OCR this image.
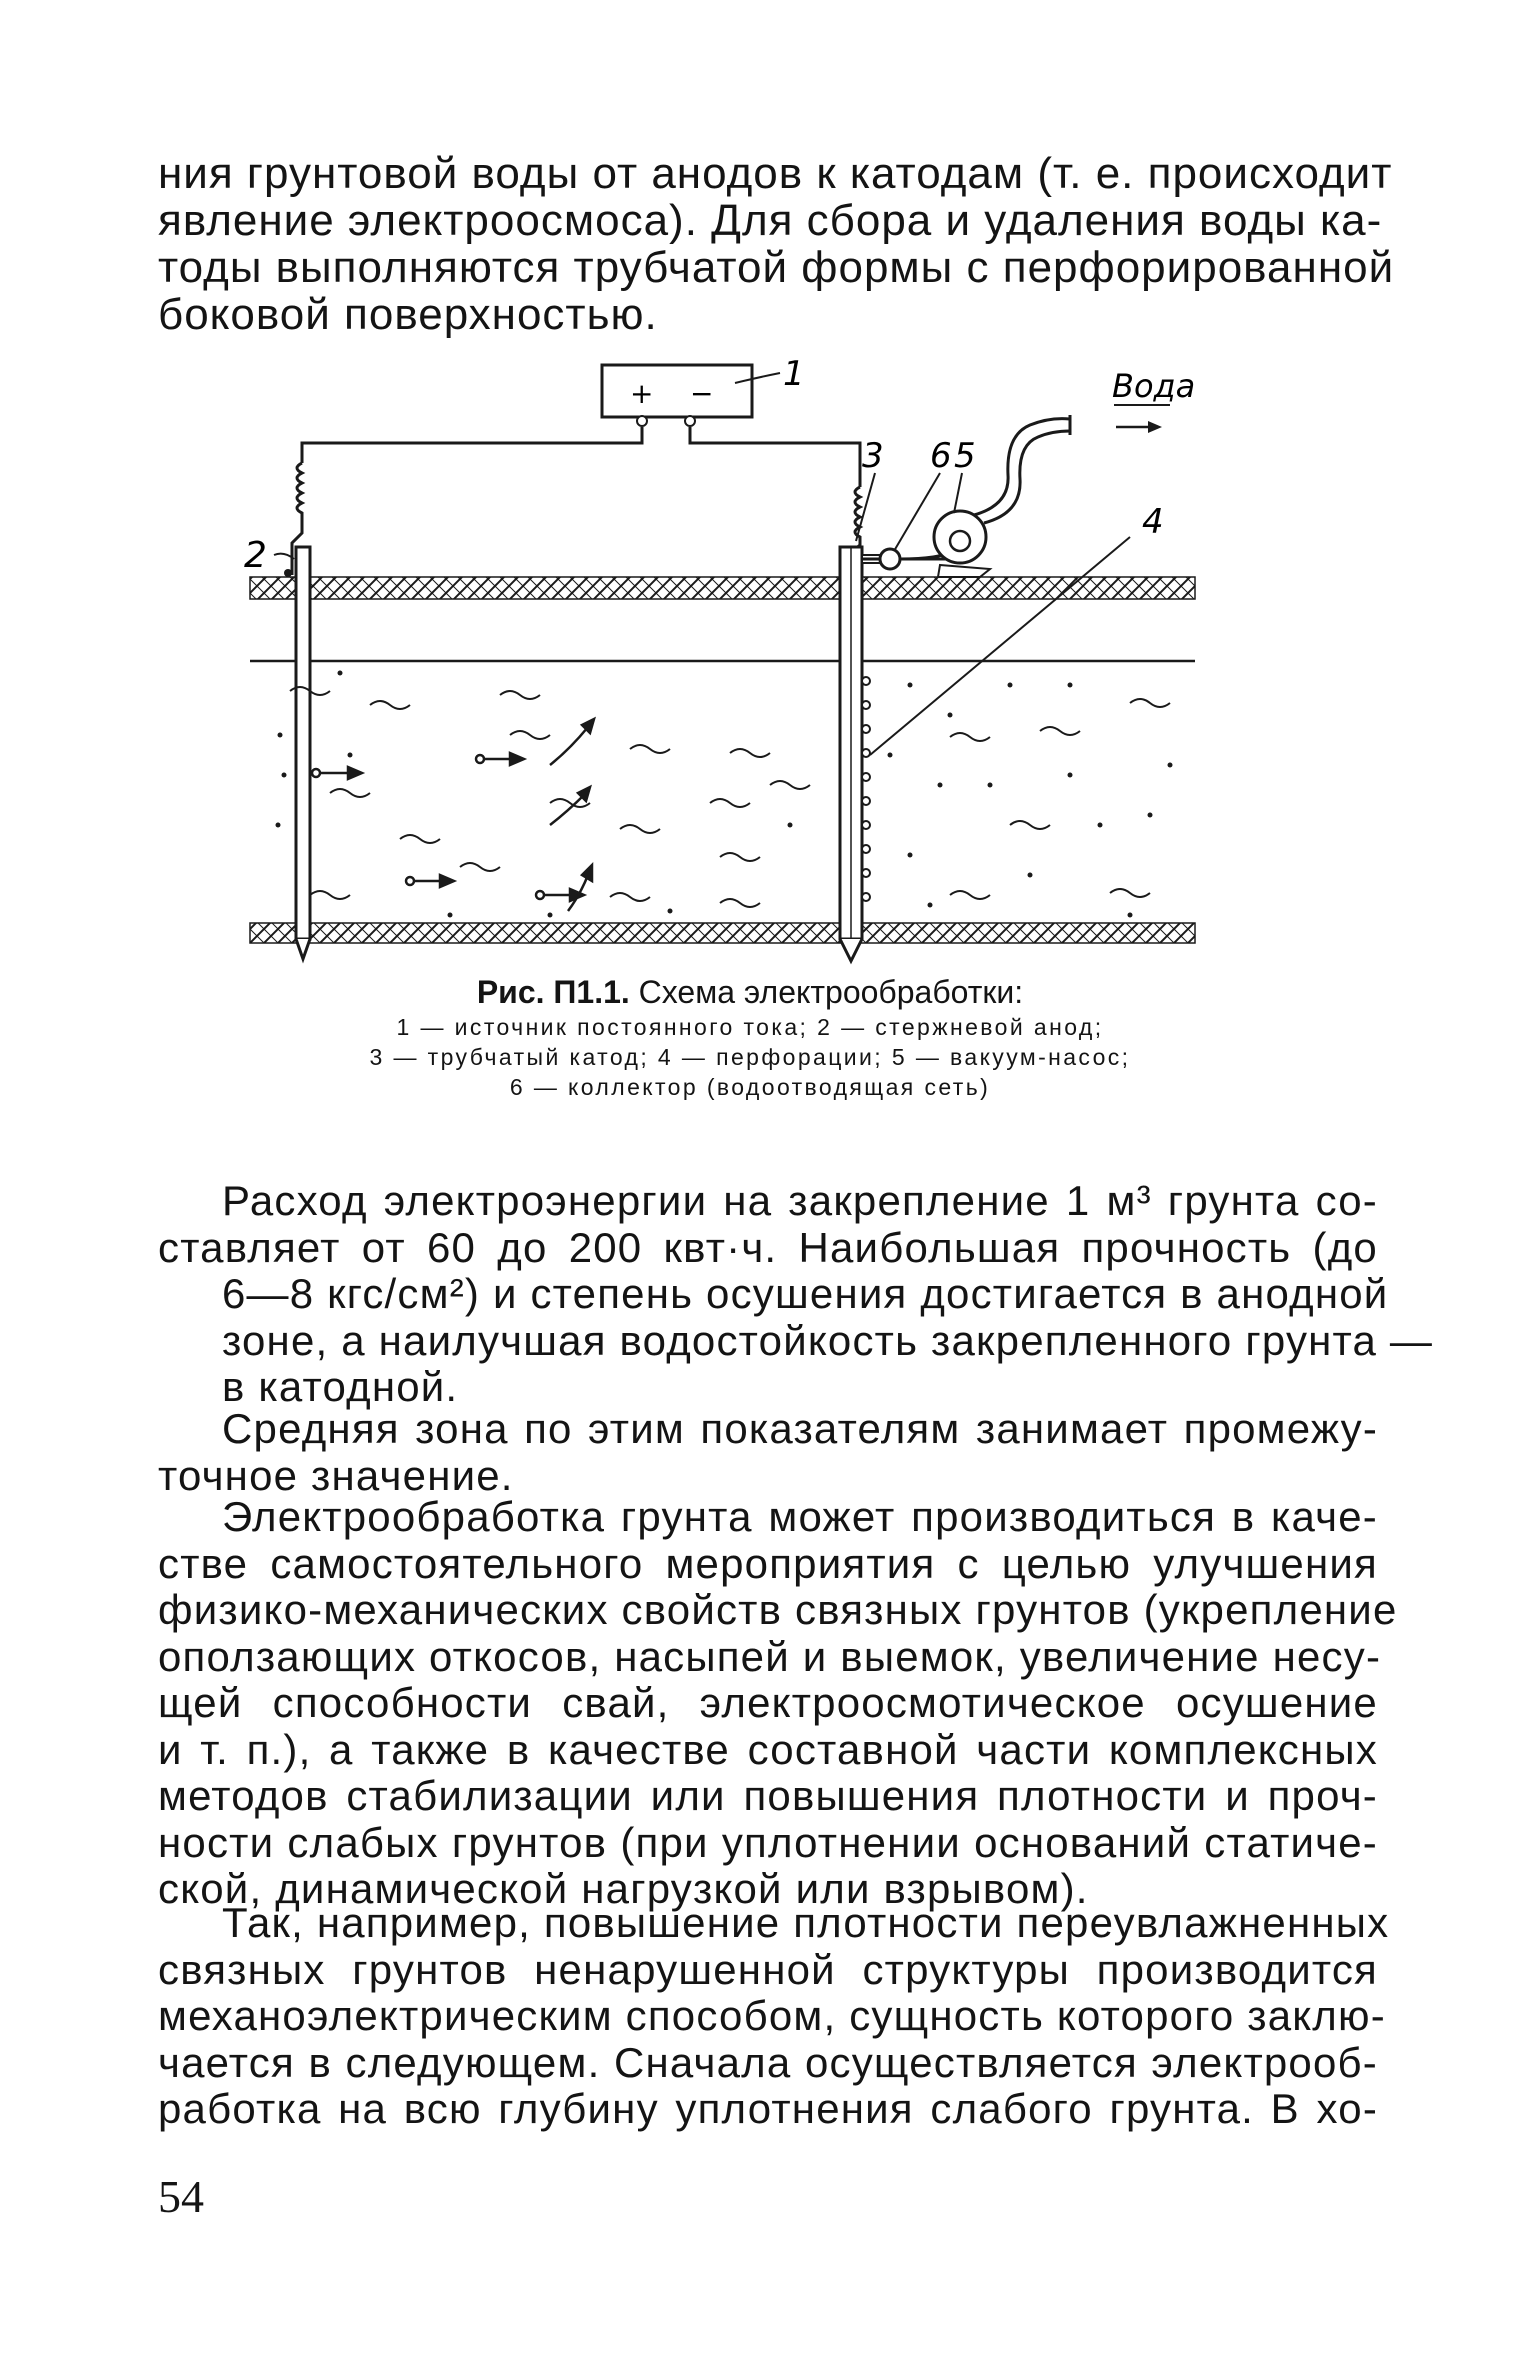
ния грунтовой воды от анодов к катодам (т. е. происходит
явление электроосмоса). Для сбора и удаления воды ка-
тоды выполняются трубчатой формы с перфорированной
боковой поверхностью.

+ − 1
2
Вода
3 6 5
4
Рис. П1.1. Схема электрообработки:
1 — источник постоянного тока; 2 — стержневой анод;
3 — трубчатый катод; 4 — перфорации; 5 — вакуум-насос;
6 — коллектор (водоотводящая сеть)

Расход электроэнергии на закрепление 1 м³ грунта со-
ставляет от 60 до 200 квт·ч. Наибольшая прочность (до
6—8 кгс/см²) и степень осушения достигается в анодной
зоне, а наилучшая водостойкость закрепленного грунта —
в катодной.

Средняя зона по этим показателям занимает промежу-
точное значение.

Электрообработка грунта может производиться в каче-
стве самостоятельного мероприятия с целью улучшения
физико-механических свойств связных грунтов (укрепление
оползающих откосов, насыпей и выемок, увеличение несу-
щей способности свай, электроосмотическое осушение
и т. п.), а также в качестве составной части комплексных
методов стабилизации или повышения плотности и проч-
ности слабых грунтов (при уплотнении оснований статиче-
ской, динамической нагрузкой или взрывом).

Так, например, повышение плотности переувлажненных
связных грунтов ненарушенной структуры производится
механоэлектрическим способом, сущность которого заклю-
чается в следующем. Сначала осуществляется электрооб-
работка на всю глубину уплотнения слабого грунта. В хо-

54
